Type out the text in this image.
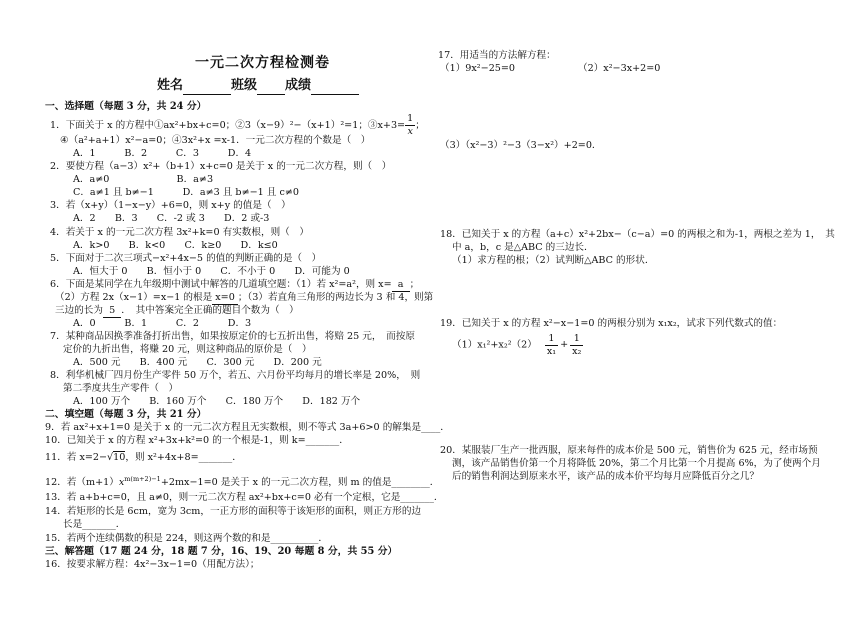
一元二次方程检测卷
姓名	班级 成绩
一、选择题（每题 3 分，共 24 分）
1．下面关于 x 的方程中①ax²+bx+c=0；②3（x−9）²−（x+1）²=1；③x+3= $\frac{1}{x}$ ；
④（a²+a+1）x²−a=0；④3x²+x =x-1．一元二次方程的个数是（　）
A．1　　　B．2　　　C．3　　　D．4
2．要使方程（a−3）x²+（b+1）x+c=0 是关于 x 的一元二次方程，则（　）
A．a≠0　　　　　　　B．a≠3
C．a≠1 且 b≠−1　　　D．a≠3 且 b≠−1 且 c≠0
3．若（x+y）（1−x−y）+6=0，则 x+y 的值是（　）
A．2　　B．3　　C．-2 或 3　　D．2 或-3
4．若关于 x 的一元二次方程 3x²+k=0 有实数根，则（　）
A．k>0　　B．k<0　　C．k≥0　　D．k≤0
5．下面对于二次三项式−x²+4x−5 的值的判断正确的是（　）
A．恒大于 0　　B．恒小于 0　　C．不小于 0　　D．可能为 0
6．下面是某同学在九年级期中测试中解答的几道填空题：（1）若 x²=a²，则 x=  a  ；
（2）方程 2x（x−1）=x−1 的根是 x=0 ；（3）若直角三角形的两边长为 3 和 4，则第
三边的长为  5  ．　其中答案完全正确的题目个数为（　）
A．0　　　B．1　　　C．2　　　D．3
7．某种商品因换季准备打折出售，如果按原定价的七五折出售，将赔 25 元，　而按原
定价的九折出售，将赚 20 元，则这种商品的原价是（　）
A．500 元　　B．400 元　　C．300 元　　D．200 元
8．利华机械厂四月份生产零件 50 万个，若五、六月份平均每月的增长率是 20%，　则
第二季度共生产零件（　）
A．100 万个　　B．160 万个　　C．180 万个　　D．182 万个
二、填空题（每题 3 分，共 21 分）
9．若 ax²+x+1=0 是关于 x 的一元二次方程且无实数根，则不等式 3a+6>0 的解集是____．
10．已知关于 x 的方程 x²+3x+k²=0 的一个根是-1，则 k=_______．
11．若 x=2−√10，则 x²+4x+8=_______．
12．若$(m+1)x^{m(m+2)-1}+2mx-1=0$ 是关于 x 的一元二次方程，则 m 的值是________．
13．若 a+b+c=0，且 a≠0，则一元二次方程 ax²+bx+c=0 必有一个定根，它是_______．
14．若矩形的长是 6cm，宽为 3cm，一正方形的面积等于该矩形的面积，则正方形的边
长是_______．
15．若两个连续偶数的积是 224，则这两个数的和是__________．
三、解答题（17 题 24 分，18 题 7 分，16、19、20 每题 8 分，共 55 分）
16．按要求解方程：4x²−3x−1=0（用配方法）；
17．用适当的方法解方程：
（1）9x²−25=0	（2）x²−3x+2=0
（3）（x²−3）²−3（3−x²）+2=0．
18．已知关于 x 的方程（a+c）x²+2bx−（c−a）=0 的两根之和为-1，两根之差为 1，　其
中 a，b，c 是△ABC 的三边长．
（1）求方程的根；（2）试判断△ABC 的形状．
19．已知关于 x 的方程 x²−x−1=0 的两根分别为 x₁x₂，试求下列代数式的值：
$(1)x_1^2+x_2^2(2) \frac{1}{\text{x₁}} + \frac{1}{\text{x₂}}$
20．某服装厂生产一批西服，原来每件的成本价是 500 元，销售价为 625 元，经市场预
测，该产品销售价第一个月将降低 20%，第二个月比第一个月提高 6%，为了使两个月
后的销售利润达到原来水平，该产品的成本价平均每月应降低百分之几？
